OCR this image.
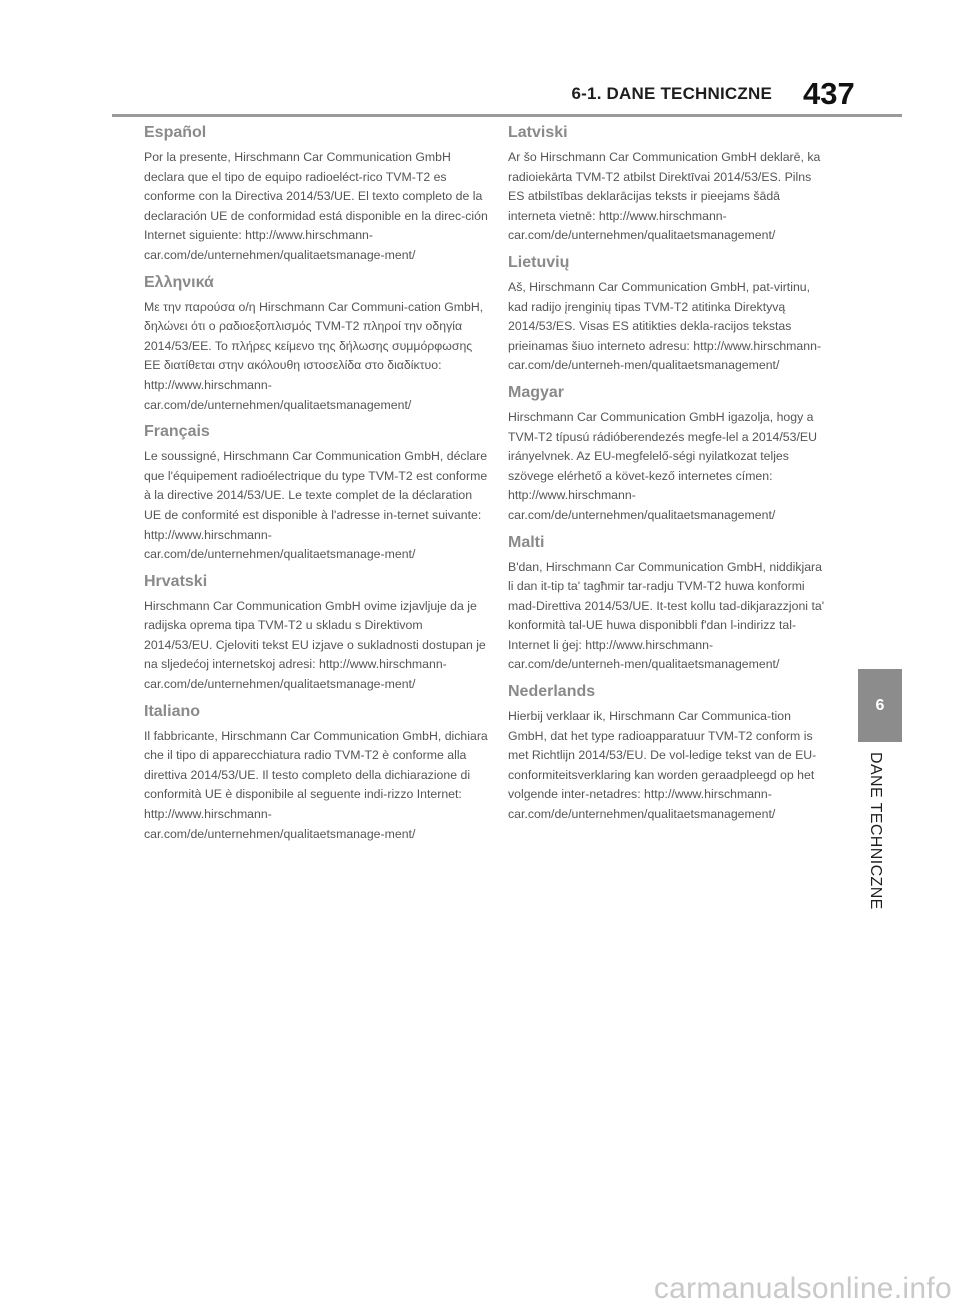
6-1. DANE TECHNICZNE 437
6
DANE TECHNICZNE
Español

Por la presente, Hirschmann Car Communication GmbH declara que el tipo de equipo radioeléct-rico TVM-T2 es conforme con la Directiva 2014/53/UE. El texto completo de la declaración UE de conformidad está disponible en la direc-ción Internet siguiente: http://www.hirschmann-car.com/de/unternehmen/qualitaetsmanage-ment/

Ελληνικά

Με την παρούσα ο/η Hirschmann Car Communi-cation GmbH, δηλώνει ότι ο ραδιοεξοπλισμός TVM-T2 πληροί την οδηγία 2014/53/ΕΕ. Το πλήρες κείμενο της δήλωσης συμμόρφωσης ΕΕ διατίθεται στην ακόλουθη ιστοσελίδα στο διαδίκτυο: http://www.hirschmann-car.com/de/unternehmen/qualitaetsmanagement/

Français

Le soussigné, Hirschmann Car Communication GmbH, déclare que l'équipement radioélectrique du type TVM-T2 est conforme à la directive 2014/53/UE. Le texte complet de la déclaration UE de conformité est disponible à l'adresse in-ternet suivante: http://www.hirschmann-car.com/de/unternehmen/qualitaetsmanage-ment/

Hrvatski

Hirschmann Car Communication GmbH ovime izjavljuje da je radijska oprema tipa TVM-T2 u skladu s Direktivom 2014/53/EU. Cjeloviti tekst EU izjave o sukladnosti dostupan je na sljedećoj internetskoj adresi: http://www.hirschmann-car.com/de/unternehmen/qualitaetsmanage-ment/

Italiano

Il fabbricante, Hirschmann Car Communication GmbH, dichiara che il tipo di apparecchiatura radio TVM-T2 è conforme alla direttiva 2014/53/UE. Il testo completo della dichiarazione di conformità UE è disponibile al seguente indi-rizzo Internet: http://www.hirschmann-car.com/de/unternehmen/qualitaetsmanage-ment/

Latviski

Ar šo Hirschmann Car Communication GmbH deklarē, ka radioiekārta TVM-T2 atbilst Direktīvai 2014/53/ES. Pilns ES atbilstības deklarācijas teksts ir pieejams šādā interneta vietnē: http://www.hirschmann-car.com/de/unternehmen/qualitaetsmanagement/

Lietuvių

Aš, Hirschmann Car Communication GmbH, pat-virtinu, kad radijo įrenginių tipas TVM-T2 atitinka Direktyvą 2014/53/ES. Visas ES atitikties dekla-racijos tekstas prieinamas šiuo interneto adresu: http://www.hirschmann-car.com/de/unterneh-men/qualitaetsmanagement/

Magyar

Hirschmann Car Communication GmbH igazolja, hogy a TVM-T2 típusú rádióberendezés megfe-lel a 2014/53/EU irányelvnek. Az EU-megfelelő-ségi nyilatkozat teljes szövege elérhető a követ-kező internetes címen: http://www.hirschmann-car.com/de/unternehmen/qualitaetsmanagement/

Malti

B'dan, Hirschmann Car Communication GmbH, niddikjara li dan it-tip ta' tagħmir tar-radju TVM-T2 huwa konformi mad-Direttiva 2014/53/UE. It-test kollu tad-dikjarazzjoni ta' konformità tal-UE huwa disponibbli f'dan l-indirizz tal-Internet li ġej: http://www.hirschmann-car.com/de/unterneh-men/qualitaetsmanagement/

Nederlands

Hierbij verklaar ik, Hirschmann Car Communica-tion GmbH, dat het type radioapparatuur TVM-T2 conform is met Richtlijn 2014/53/EU. De vol-ledige tekst van de EU-conformiteitsverklaring kan worden geraadpleegd op het volgende inter-netadres: http://www.hirschmann-car.com/de/unternehmen/qualitaetsmanagement/

carmanualsonline.info
